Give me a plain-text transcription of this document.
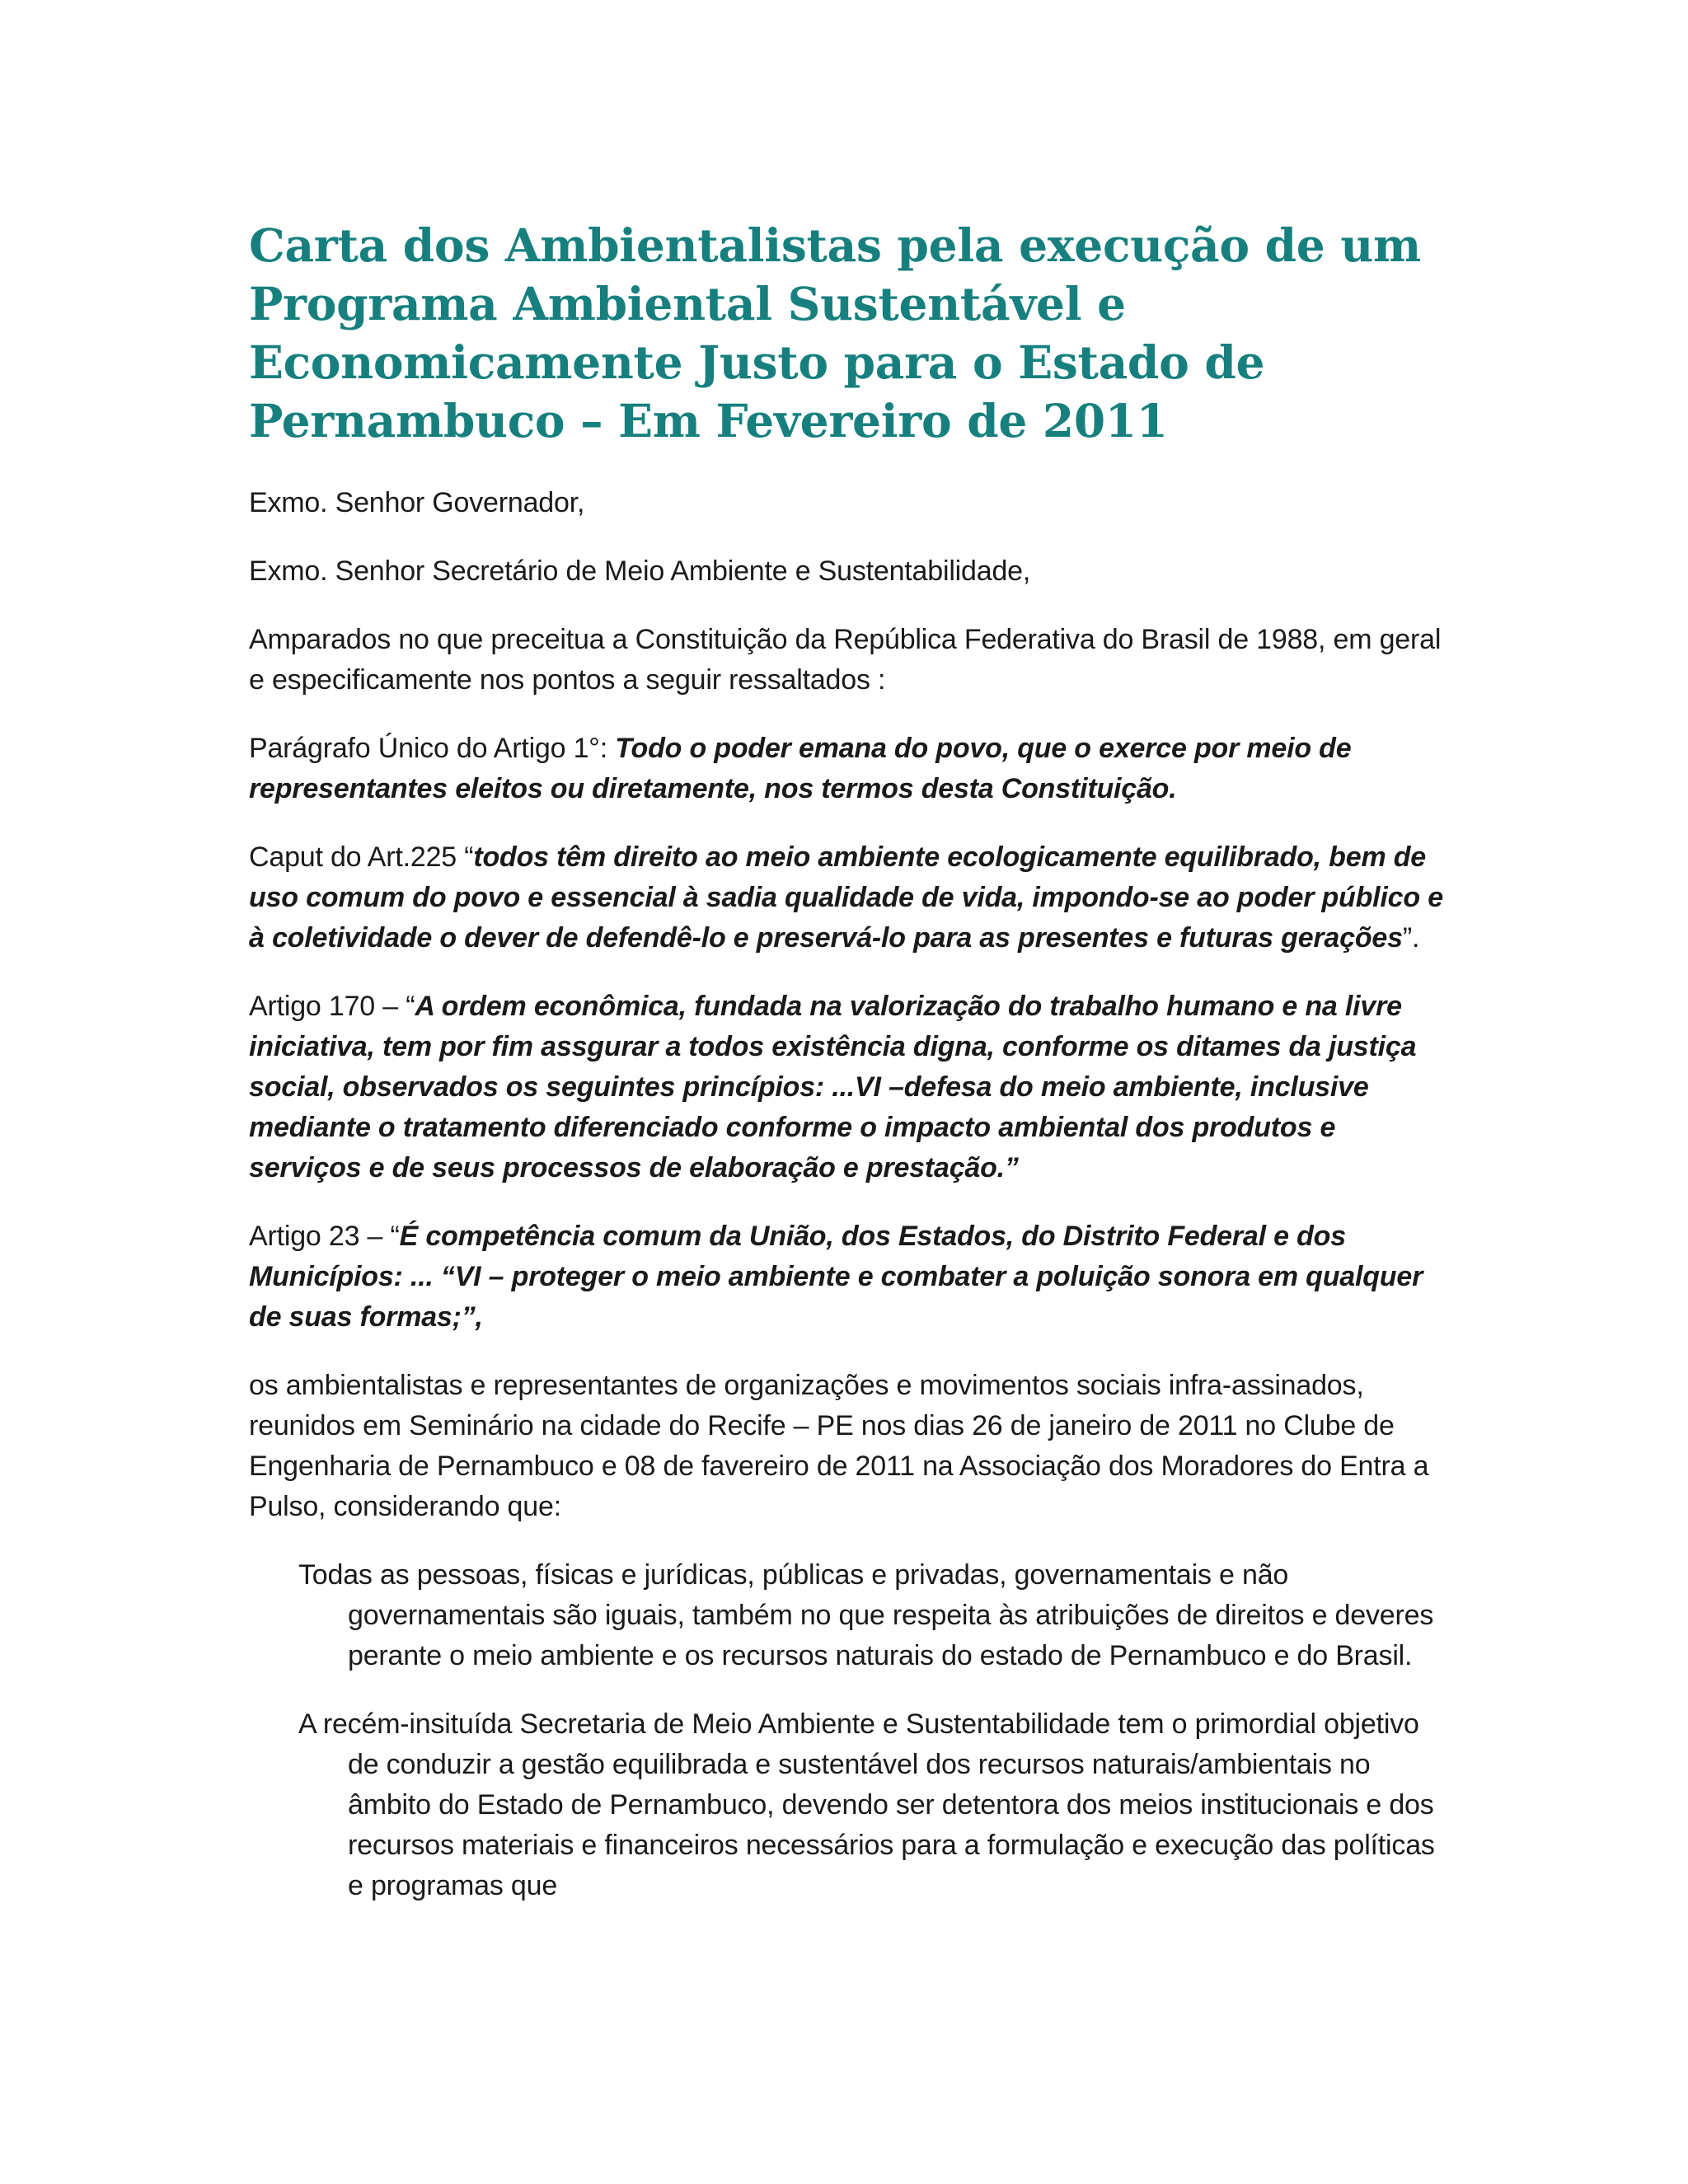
Carta dos Ambientalistas pela execução de um Programa Ambiental Sustentável e Economicamente Justo para o Estado de Pernambuco – Em Fevereiro de 2011

Exmo. Senhor Governador,

Exmo. Senhor Secretário de Meio Ambiente e Sustentabilidade,

Amparados no que preceitua a Constituição da República Federativa do Brasil de 1988, em geral e especificamente nos pontos a seguir ressaltados :

Parágrafo Único do Artigo 1°: Todo o poder emana do povo, que o exerce por meio de representantes eleitos ou diretamente, nos termos desta Constituição.

Caput do Art.225 “todos têm direito ao meio ambiente ecologicamente equilibrado, bem de uso comum do povo e essencial à sadia qualidade de vida, impondo-se ao poder público e à coletividade o dever de defendê-lo e preservá-lo para as presentes e futuras gerações”.

Artigo 170 – “A ordem econômica, fundada na valorização do trabalho humano e na livre iniciativa, tem por fim assgurar a todos existência digna, conforme os ditames da justiça social, observados os seguintes princípios: ...VI –defesa do meio ambiente, inclusive mediante o tratamento diferenciado conforme o impacto ambiental dos produtos e serviços e de seus processos de elaboração e prestação.”

Artigo 23 – “É competência comum da União, dos Estados, do Distrito Federal e dos Municípios: ... “VI – proteger o meio ambiente e combater a poluição sonora em qualquer de suas formas;”,

os ambientalistas e representantes de organizações e movimentos sociais infra-assinados, reunidos em Seminário na cidade do Recife – PE nos dias 26 de janeiro de 2011 no Clube de Engenharia de Pernambuco e 08 de favereiro de 2011 na Associação dos Moradores do Entra a Pulso, considerando que:

Todas as pessoas, físicas e jurídicas, públicas e privadas, governamentais e não governamentais são iguais, também no que respeita às atribuições de direitos e deveres perante o meio ambiente e os recursos naturais do estado de Pernambuco e do Brasil.

A recém-insituída Secretaria de Meio Ambiente e Sustentabilidade tem o primordial objetivo de conduzir a gestão equilibrada e sustentável dos recursos naturais/ambientais no âmbito do Estado de Pernambuco, devendo ser detentora dos meios institucionais e dos recursos materiais e financeiros necessários para a formulação e execução das políticas e programas que
